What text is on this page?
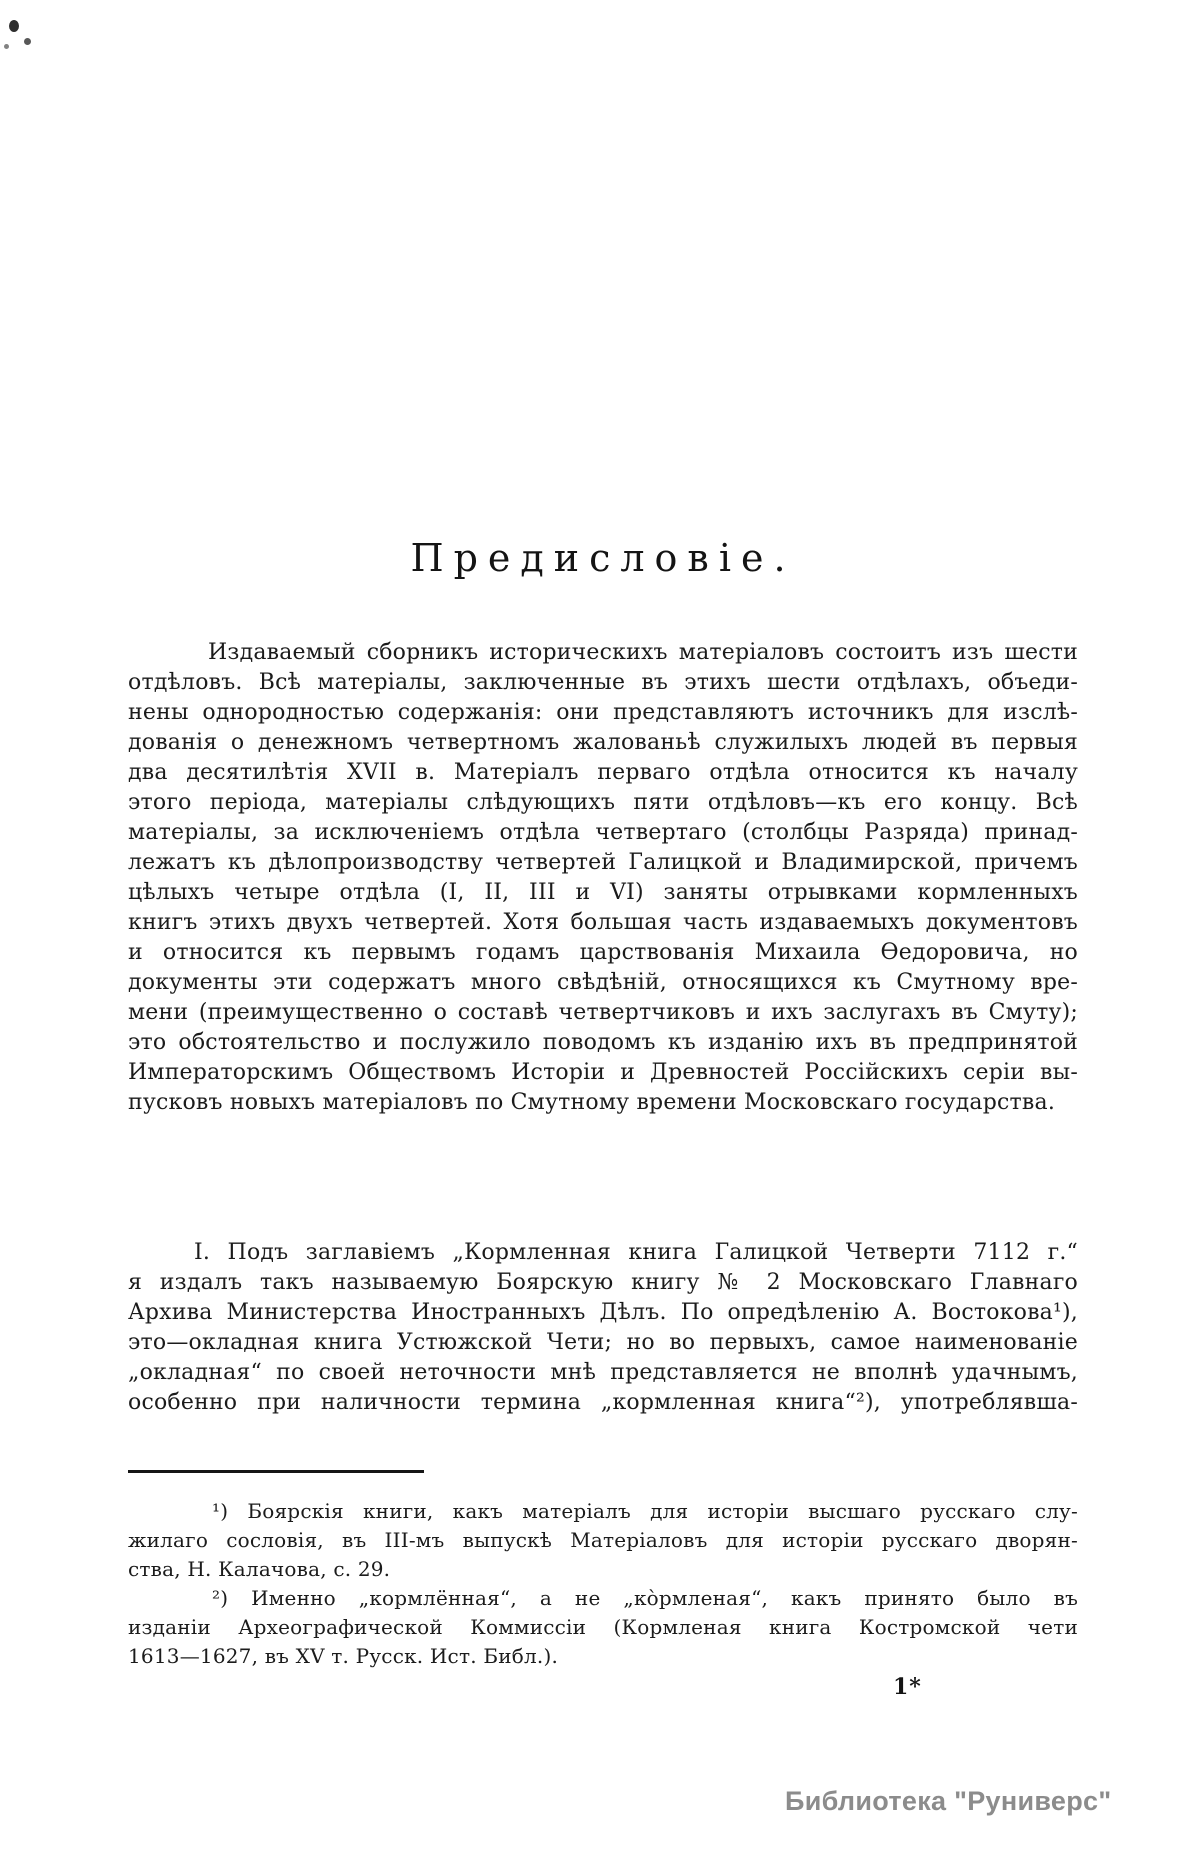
Предисловіе.
Издаваемый сборникъ историческихъ матеріаловъ состоитъ изъ шести
отдѣловъ. Всѣ матеріалы, заключенные въ этихъ шести отдѣлахъ, объеди-
нены однородностью содержанія: они представляютъ источникъ для изслѣ-
дованія о денежномъ четвертномъ жалованьѣ служилыхъ людей въ первыя
два десятилѣтія XVII в. Матеріалъ перваго отдѣла относится къ началу
этого періода, матеріалы слѣдующихъ пяти отдѣловъ—къ его концу. Всѣ
матеріалы, за исключеніемъ отдѣла четвертаго (столбцы Разряда) принад-
лежатъ къ дѣлопроизводству четвертей Галицкой и Владимирской, причемъ
цѣлыхъ четыре отдѣла (I, II, III и VI) заняты отрывками кормленныхъ
книгъ этихъ двухъ четвертей. Хотя большая часть издаваемыхъ документовъ
и относится къ первымъ годамъ царствованія Михаила Ѳедоровича, но
документы эти содержатъ много свѣдѣній, относящихся къ Смутному вре-
мени (преимущественно о составѣ четвертчиковъ и ихъ заслугахъ въ Смуту);
это обстоятельство и послужило поводомъ къ изданію ихъ въ предпринятой
Императорскимъ Обществомъ Исторіи и Древностей Россійскихъ серіи вы-
пусковъ новыхъ матеріаловъ по Смутному времени Московскаго государства.
I. Подъ заглавіемъ „Кормленная книга Галицкой Четверти 7112 г.“
я издалъ такъ называемую Боярскую книгу № 2 Московскаго Главнаго
Архива Министерства Иностранныхъ Дѣлъ. По опредѣленію А. Востокова¹),
это—окладная книга Устюжской Чети; но во первыхъ, самое наименованіе
„окладная“ по своей неточности мнѣ представляется не вполнѣ удачнымъ,
особенно при наличности термина „кормленная книга“²), употреблявша-
¹) Боярскія книги, какъ матеріалъ для исторіи высшаго русскаго слу-
жилаго сословія, въ III-мъ выпускѣ Матеріаловъ для исторіи русскаго дворян-
ства, Н. Калачова, с. 29.
²) Именно „кормлённая“, а не „кòрмленая“, какъ принято было въ
изданіи Археографической Коммиссіи (Кормленая книга Костромской чети
1613—1627, въ XV т. Русск. Ист. Библ.).
1*
Библиотека "Руниверс"
